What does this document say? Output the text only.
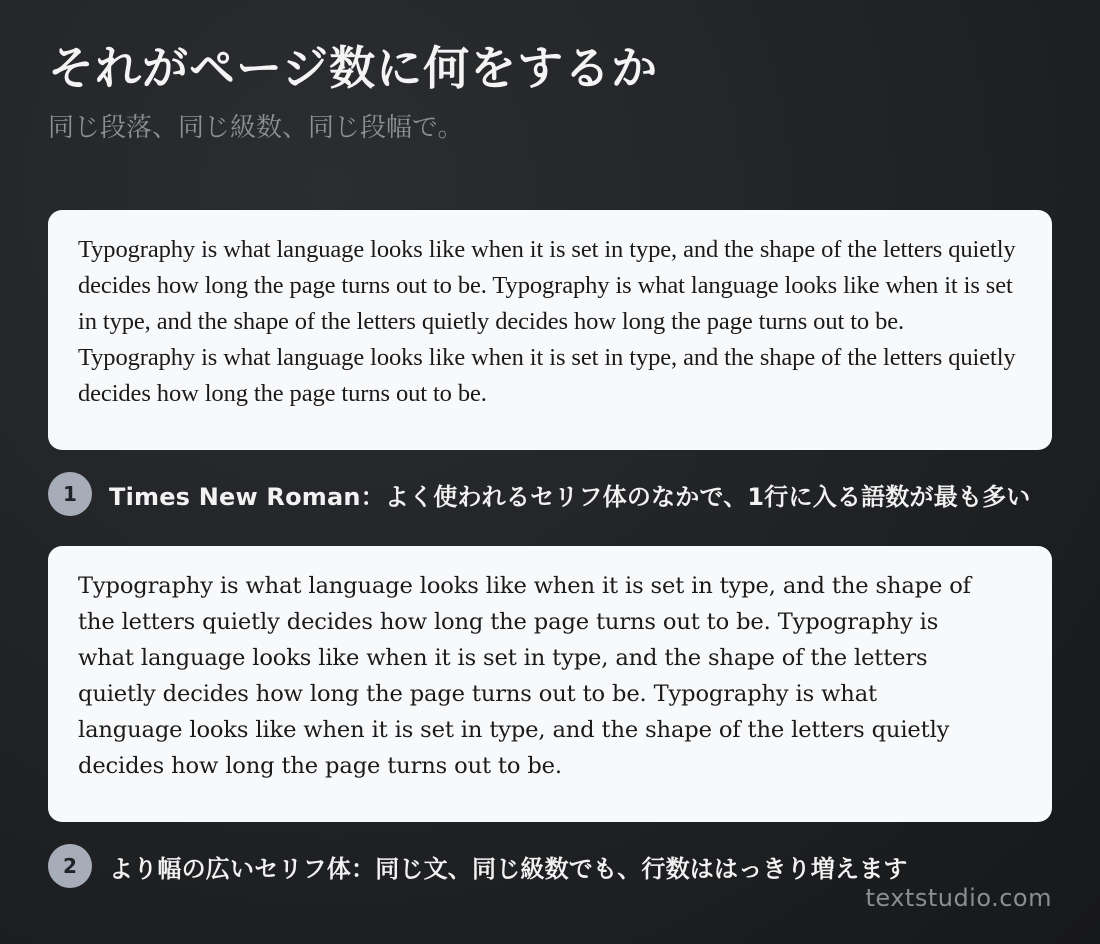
それがページ数に何をするか
同じ段落、同じ級数、同じ段幅で。

Typography is what language looks like when it is set in type, and the shape of the letters quietly decides how long the page turns out to be. Typography is what language looks like when it is set in type, and the shape of the letters quietly decides how long the page turns out to be. Typography is what language looks like when it is set in type, and the shape of the letters quietly decides how long the page turns out to be.

1	Times New Roman：よく使われるセリフ体のなかで、1行に入る語数が最も多い

Typography is what language looks like when it is set in type, and the shape of the letters quietly decides how long the page turns out to be. Typography is what language looks like when it is set in type, and the shape of the letters quietly decides how long the page turns out to be. Typography is what language looks like when it is set in type, and the shape of the letters quietly decides how long the page turns out to be.

2	より幅の広いセリフ体：同じ文、同じ級数でも、行数ははっきり増えます
textstudio.com
